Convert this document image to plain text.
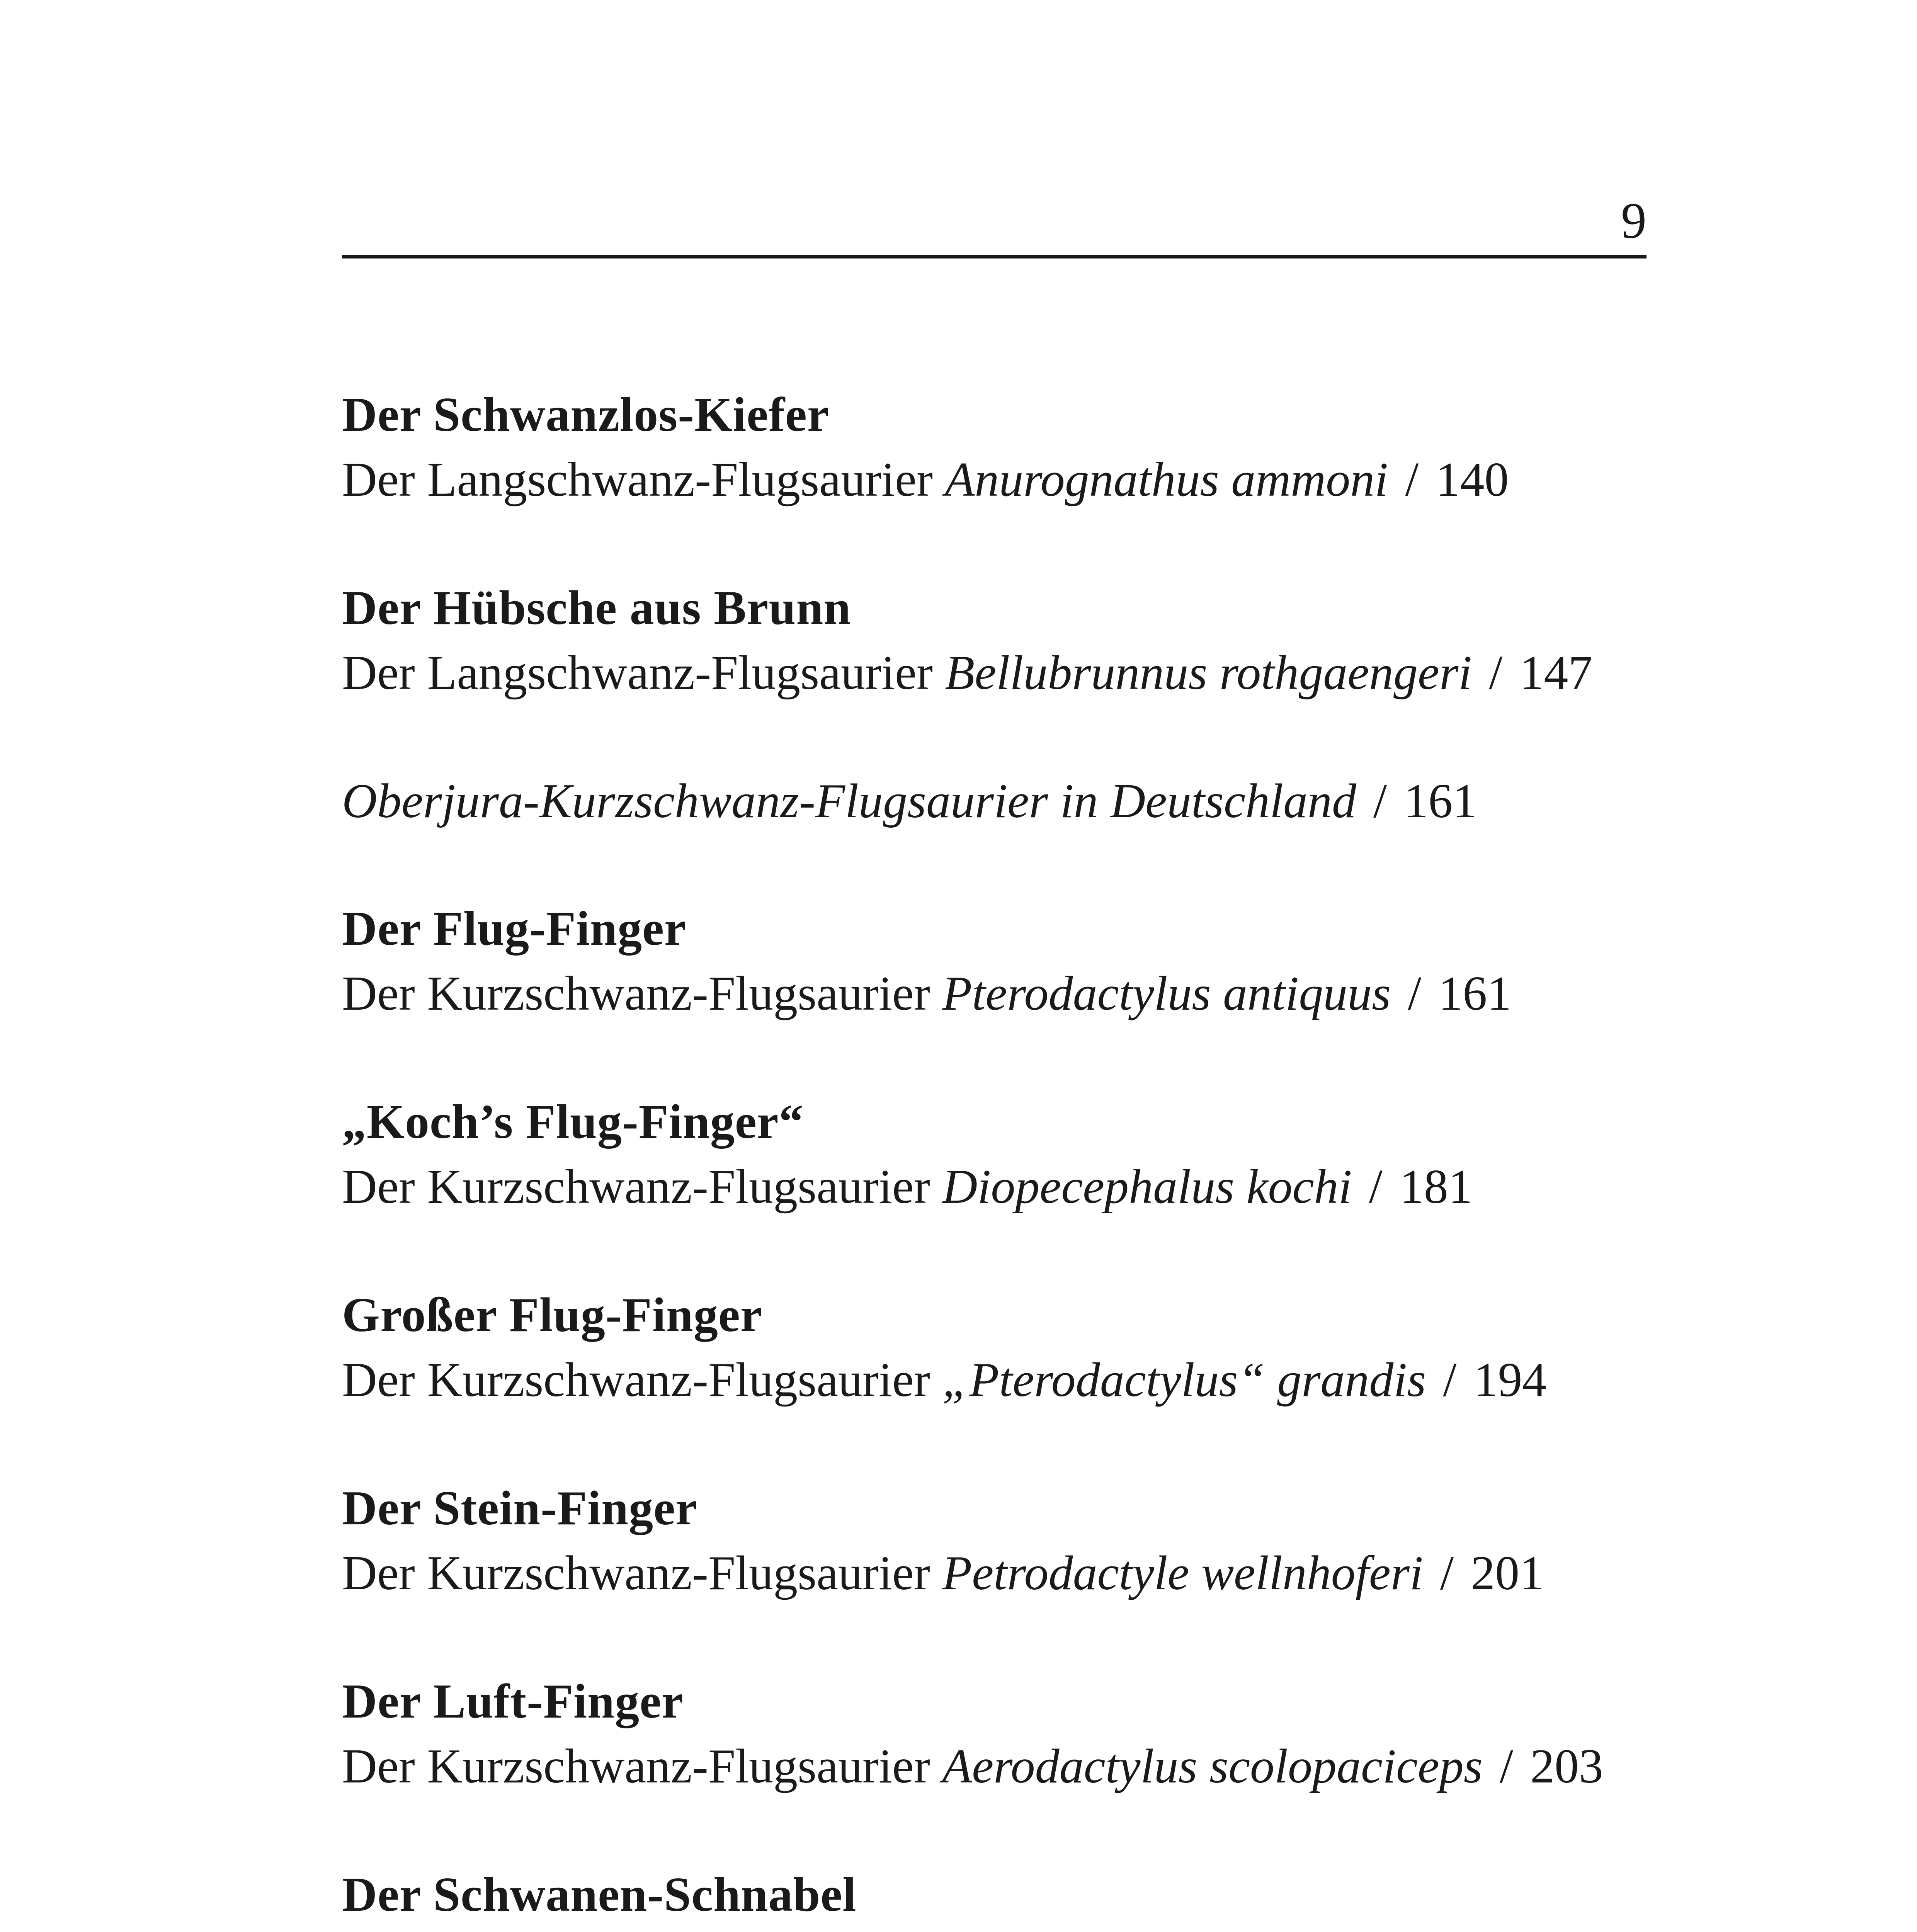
9

Der Schwanzlos-Kiefer
Der Langschwanz-Flugsaurier Anurognathus ammoni / 140
Der Hübsche aus Brunn
Der Langschwanz-Flugsaurier Bellubrunnus rothgaengeri / 147
Oberjura-Kurzschwanz-Flugsaurier in Deutschland / 161
Der Flug-Finger
Der Kurzschwanz-Flugsaurier Pterodactylus antiquus / 161
„Koch’s Flug-Finger“
Der Kurzschwanz-Flugsaurier Diopecephalus kochi / 181
Großer Flug-Finger
Der Kurzschwanz-Flugsaurier „Pterodactylus“ grandis / 194
Der Stein-Finger
Der Kurzschwanz-Flugsaurier Petrodactyle wellnhoferi / 201
Der Luft-Finger
Der Kurzschwanz-Flugsaurier Aerodactylus scolopaciceps / 203
Der Schwanen-Schnabel
